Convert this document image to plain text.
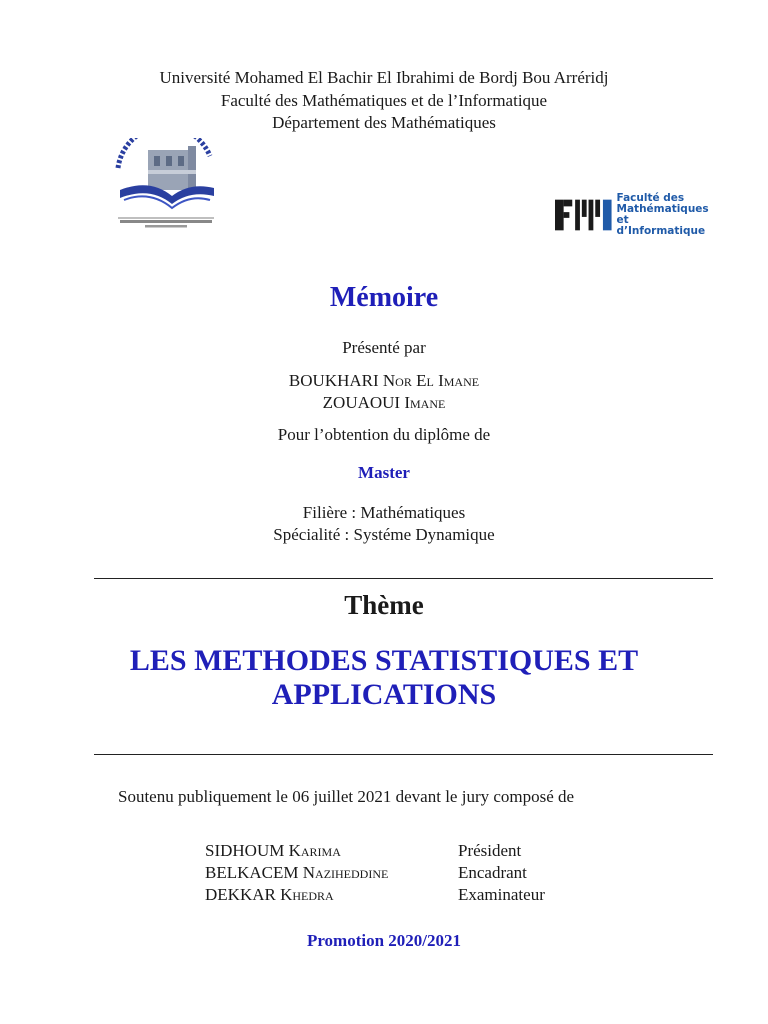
Université Mohamed El Bachir El Ibrahimi de Bordj Bou Arréridj
Faculté des Mathématiques et de l’Informatique
Département des Mathématiques
Faculté des
Mathématiques et
d’Informatique
Mémoire
Présenté par
BOUKHARI Nor El Imane
ZOUAOUI Imane
Pour l’obtention du diplôme de
Master
Filière : Mathématiques
Spécialité : Systéme Dynamique
Thème
LES METHODES STATISTIQUES ET
APPLICATIONS
Soutenu publiquement le 06 juillet 2021 devant le jury composé de
SIDHOUM Karima	Président
BELKACEM Naziheddine	Encadrant
DEKKAR Khedra	Examinateur
Promotion 2020/2021
